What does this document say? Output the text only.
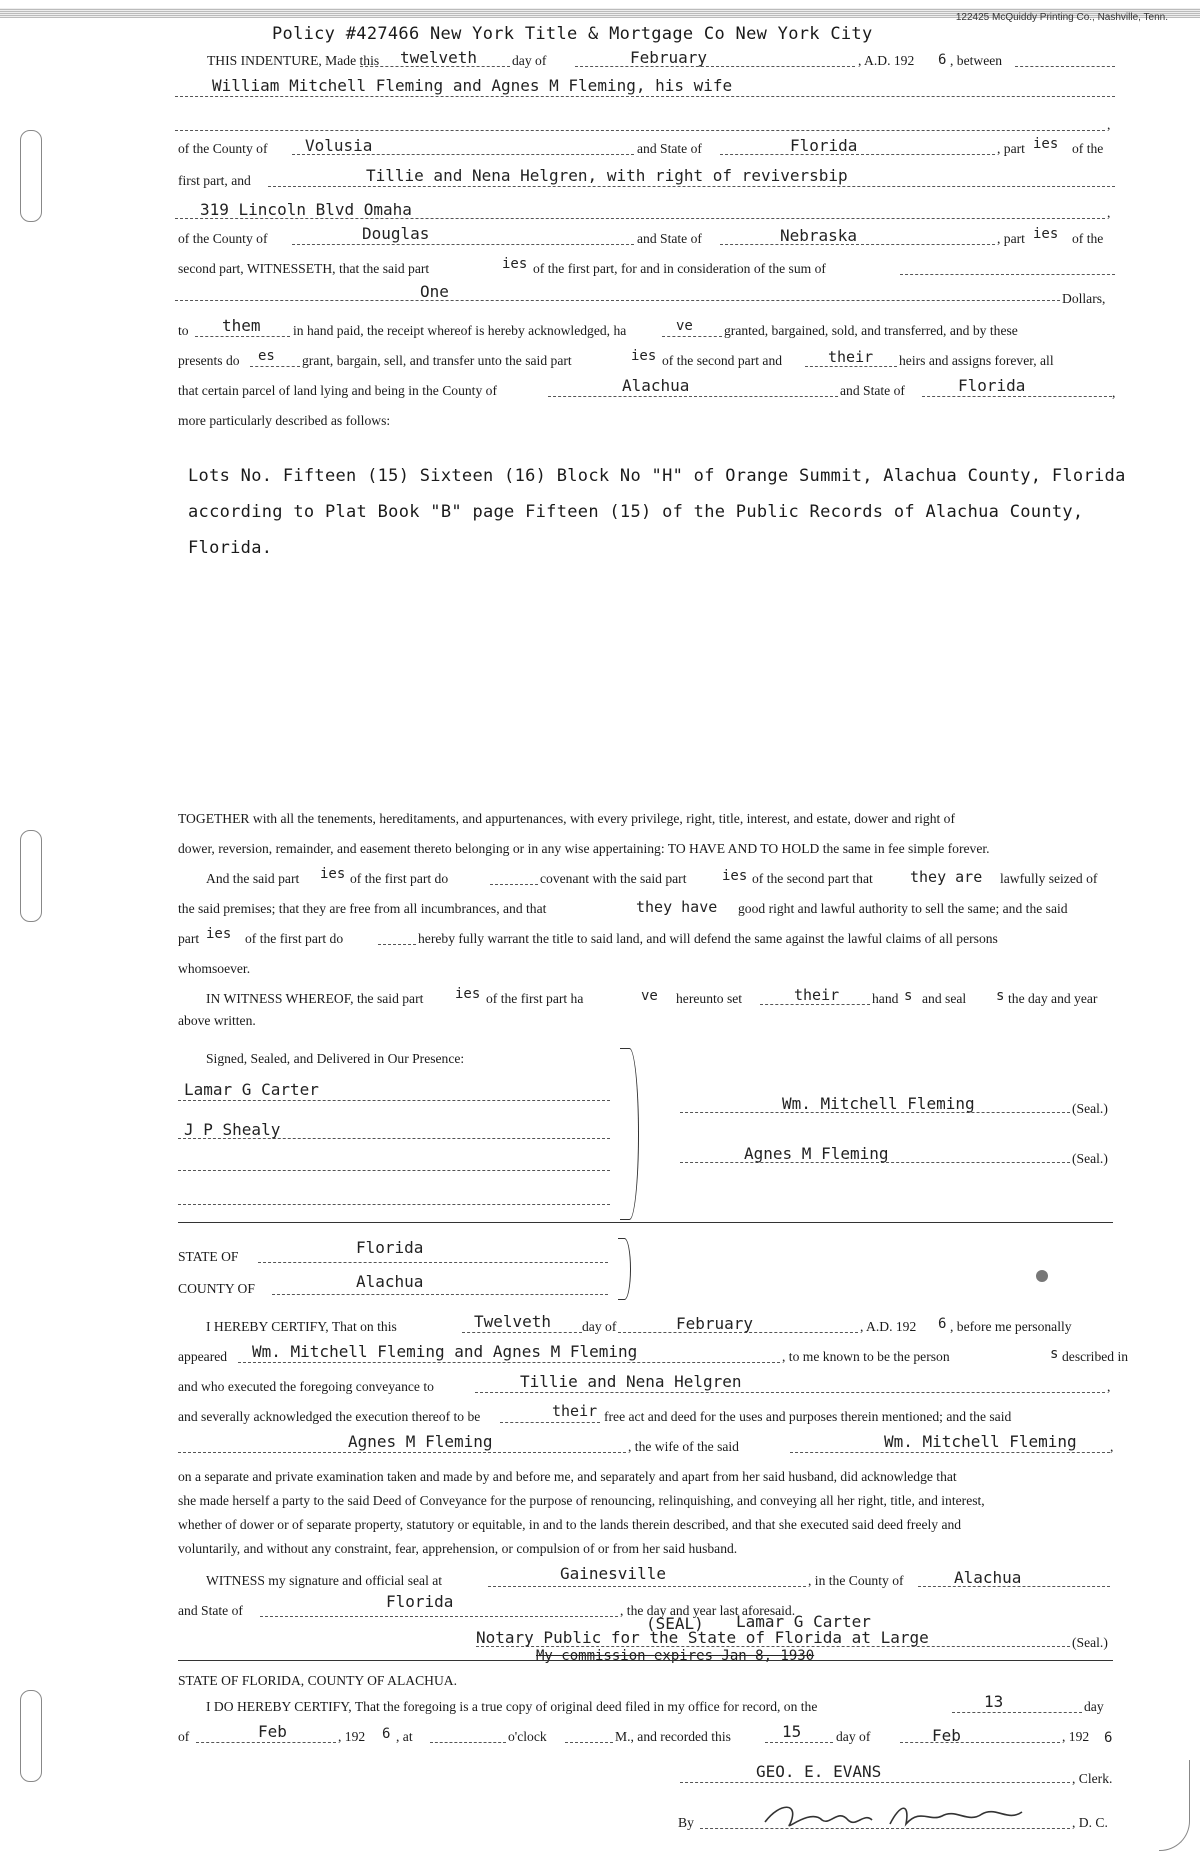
122425 McQuiddy Printing Co., Nashville, Tenn.
Policy #427466 New York Title & Mortgage Co New York City
THIS INDENTURE, Made this twelveth	day of	February	, A.D. 192 6 , between
William Mitchell Fleming and Agnes M Fleming, his wife
,
of the County of Volusia	and State of	Florida	, part ies of the
first part, and	Tillie and Nena Helgren, with right of reviversbip
319 Lincoln Blvd Omaha	,
of the County of	Douglas	and State of	Nebraska	, part ies of the
second part, WITNESSETH, that the said part	ies of the first part, for and in consideration of the sum of
One	Dollars,
to them in hand paid, the receipt whereof is hereby acknowledged, ha	ve granted, bargained, sold, and transferred, and by these
presents do es grant, bargain, sell, and transfer unto the said part	ies of the second part and	their heirs and assigns forever, all
that certain parcel of land lying and being in the County of	Alachua	and State of	Florida	,
more particularly described as follows:
Lots No. Fifteen (15) Sixteen (16) Block No "H" of Orange Summit, Alachua County, Florida
according to Plat Book "B" page Fifteen (15) of the Public Records of Alachua County,
Florida.
TOGETHER with all the tenements, hereditaments, and appurtenances, with every privilege, right, title, interest, and estate, dower and right of
dower, reversion, remainder, and easement thereto belonging or in any wise appertaining: TO HAVE AND TO HOLD the same in fee simple forever.
And the said part ies of the first part do	covenant with the said part	ies of the second part that they are lawfully seized of
the said premises; that they are free from all incumbrances, and that	they have good right and lawful authority to sell the same; and the said
part ies of the first part do	hereby fully warrant the title to said land, and will defend the same against the lawful claims of all persons
whomsoever.
IN WITNESS WHEREOF, the said part ies of the first part ha	ve hereunto set	their hand s and seal s the day and year
above written.
Signed, Sealed, and Delivered in Our Presence:
Lamar G Carter
J P Shealy
Wm. Mitchell Fleming	(Seal.)
Agnes M Fleming	(Seal.)
STATE OF	Florida
COUNTY OF	Alachua
I HEREBY CERTIFY, That on this	Twelveth day of	February	, A.D. 192 6 , before me personally
appeared Wm. Mitchell Fleming and Agnes M Fleming	, to me known to be the person	s described in
and who executed the foregoing conveyance to	Tillie and Nena Helgren	,
and severally acknowledged the execution thereof to be	their free act and deed for the uses and purposes therein mentioned; and the said
Agnes M Fleming	, the wife of the said	Wm. Mitchell Fleming ,
on a separate and private examination taken and made by and before me, and separately and apart from her said husband, did acknowledge that
she made herself a party to the said Deed of Conveyance for the purpose of renouncing, relinquishing, and conveying all her right, title, and interest,
whether of dower or of separate property, statutory or equitable, in and to the lands therein described, and that she executed said deed freely and
voluntarily, and without any constraint, fear, apprehension, or compulsion of or from her said husband.
WITNESS my signature and official seal at	Gainesville	, in the County of	Alachua
and State of	Florida	, the day and year last aforesaid.
(SEAL) Lamar G Carter
Notary Public for the State of Florida at Large	(Seal.)
My commission expires Jan 8, 1930
STATE OF FLORIDA, COUNTY OF ALACHUA.
I DO HEREBY CERTIFY, That the foregoing is a true copy of original deed filed in my office for record, on the	13	day
of	Feb	, 192 6 , at	o'clock	M., and recorded this	15	day of	Feb	, 192 6
GEO. E. EVANS	, Clerk.
By	, D. C.
